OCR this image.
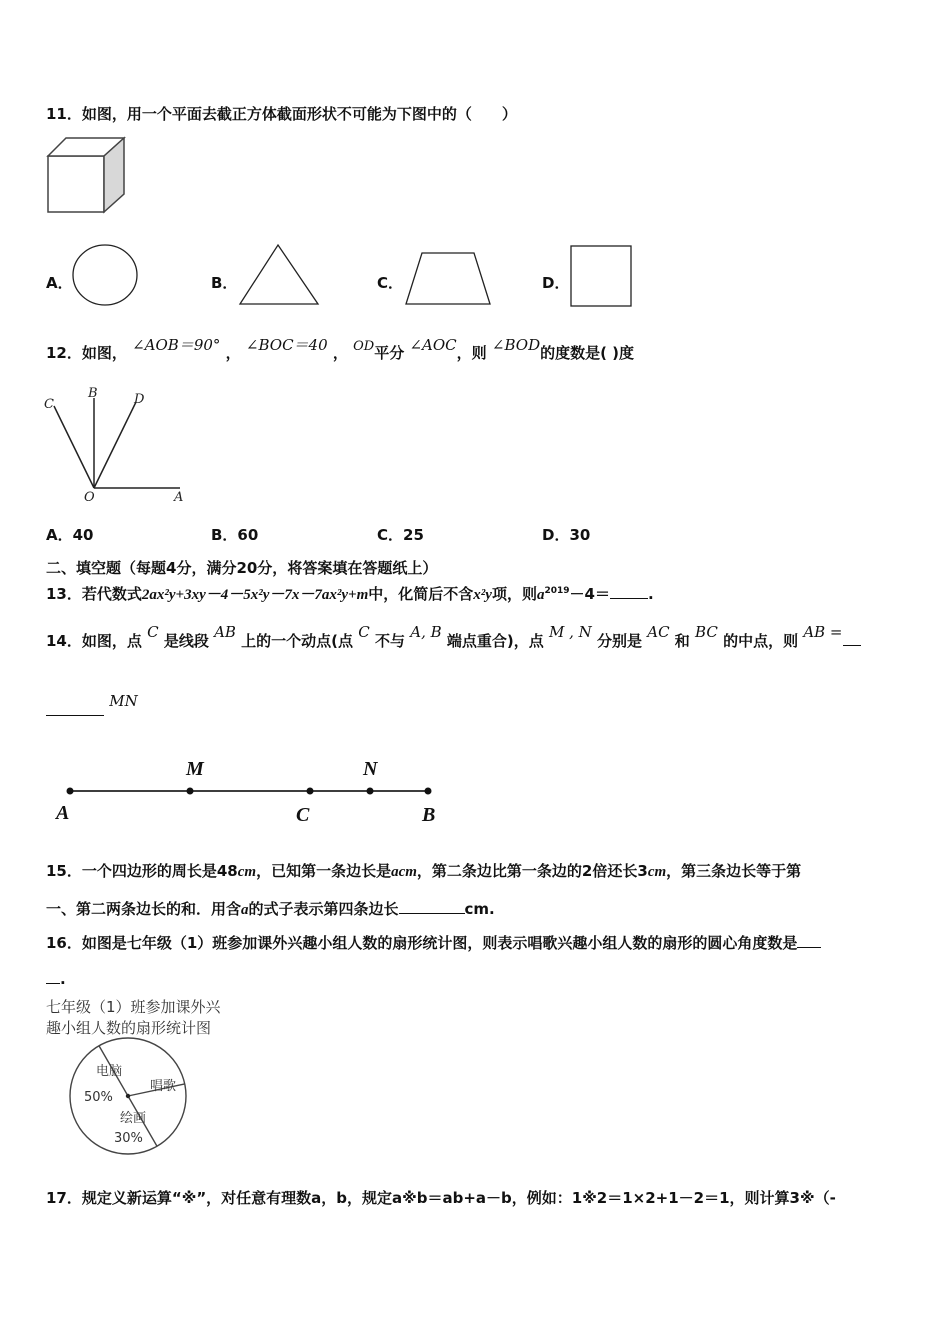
11．如图，用一个平面去截正方体截面形状不可能为下图中的（　　）
A．	B．	C．	D．
12．如图， ∠AOB＝90° ， ∠BOC＝40 ， OD平分 ∠AOC，则 ∠BOD的度数是( )度
C
B	D
O	A
A．40	B．60	C．25	D．30
二、填空题（每题4分，满分20分，将答案填在答题纸上）
13．若代数式2ax²y+3xy－4－5x²y－7x－7ax²y+m中，化简后不含x²y项，则$a^{2019}-4=$	.
14．如图，点 C 是线段 AB 上的一个动点(点 C 不与 A, B 端点重合)，点 M , N 分别是 AC 和 BC 的中点，则 AB =
MN
M	N
A	C	B
15．一个四边形的周长是48cm，已知第一条边长是acm，第二条边比第一条边的2倍还长3cm，第三条边长等于第
一、第二两条边长的和．用含a的式子表示第四条边长	cm.
16．如图是七年级（1）班参加课外兴趣小组人数的扇形统计图，则表示唱歌兴趣小组人数的扇形的圆心角度数是
.
七年级（1）班参加课外兴
趣小组人数的扇形统计图
电脑
50%
唱歌
绘画
30%
17．规定义新运算“※”，对任意有理数a，b，规定a※b＝ab+a－b，例如：1※2＝1×2+1－2＝1，则计算3※（-
